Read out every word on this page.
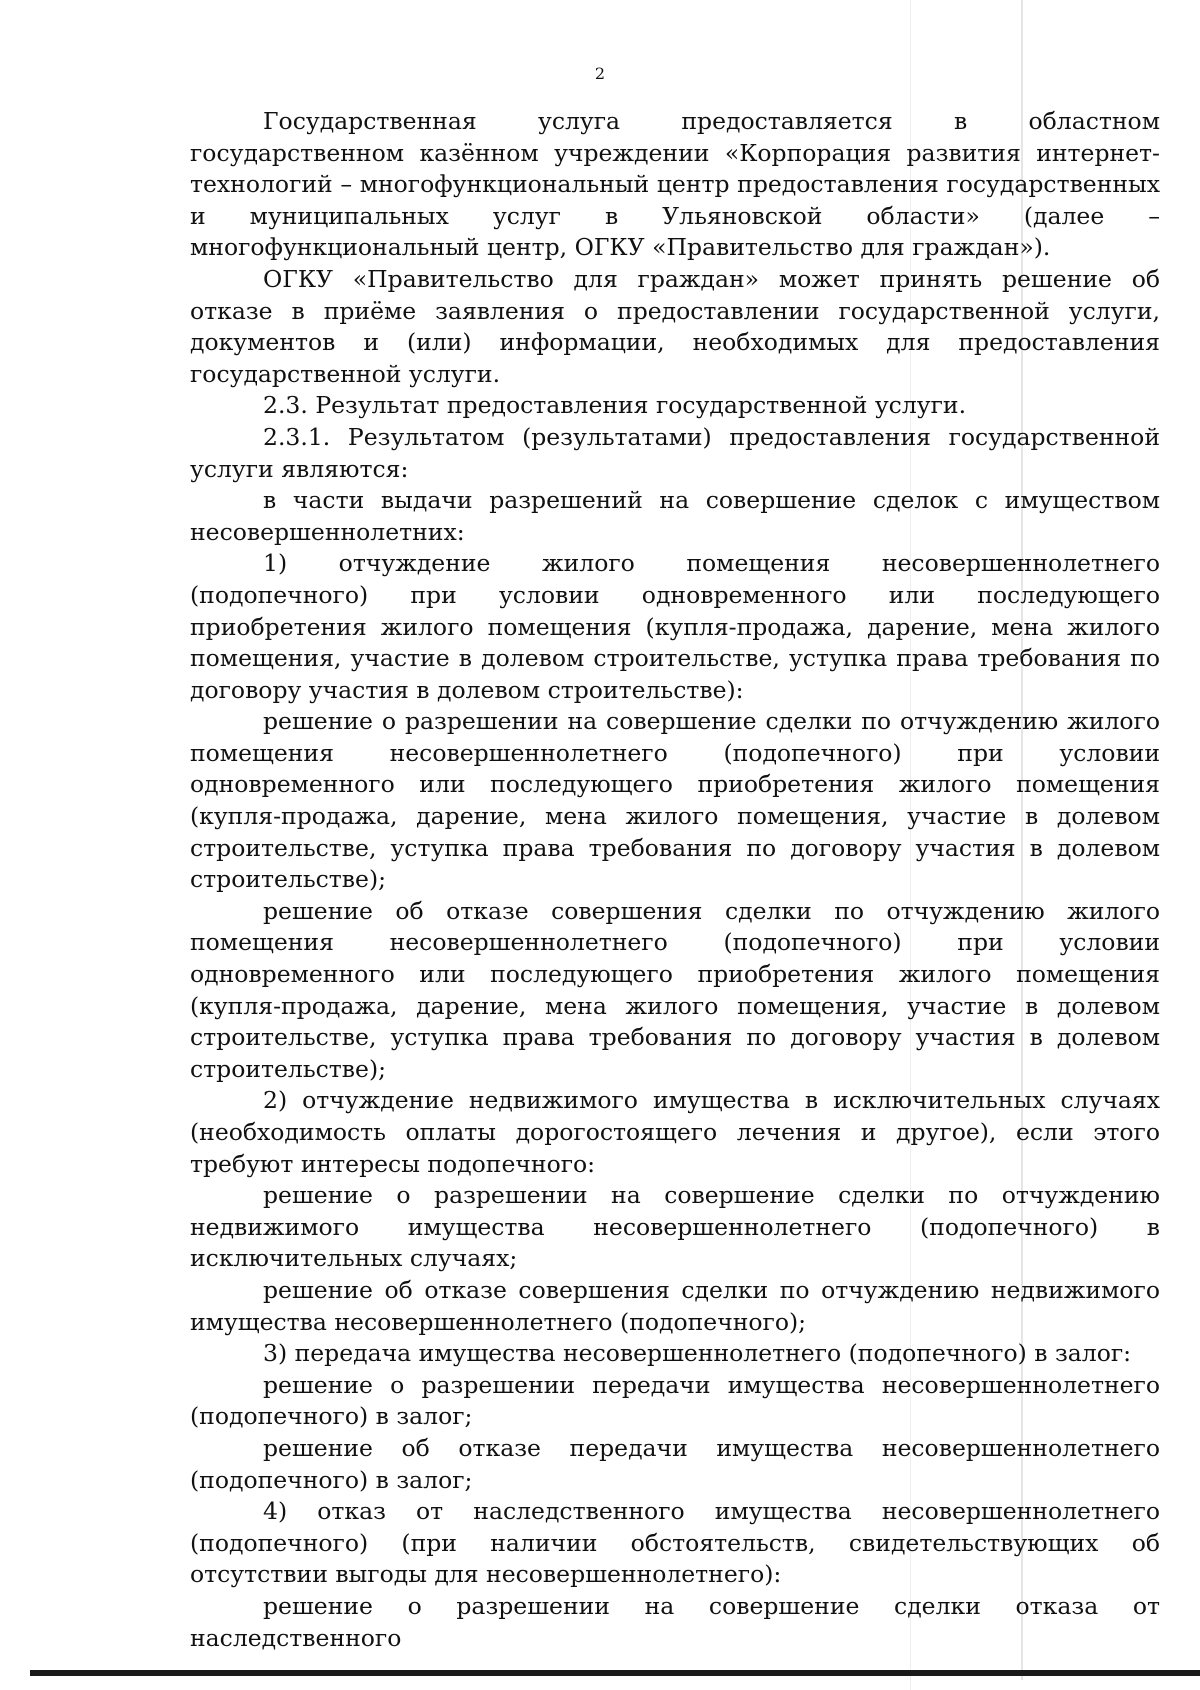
2

Государственная услуга предоставляется в областном государственном казённом учреждении «Корпорация развития интернет-технологий – многофункциональный центр предоставления государственных и муниципальных услуг в Ульяновской области» (далее – многофункциональный центр, ОГКУ «Правительство для граждан»).

ОГКУ «Правительство для граждан» может принять решение об отказе в приёме заявления о предоставлении государственной услуги, документов и (или) информации, необходимых для предоставления государственной услуги.

2.3. Результат предоставления государственной услуги.

2.3.1. Результатом (результатами) предоставления государственной услуги являются:

в части выдачи разрешений на совершение сделок с имуществом несовершеннолетних:

1) отчуждение жилого помещения несовершеннолетнего (подопечного) при условии одновременного или последующего приобретения жилого помещения (купля-продажа, дарение, мена жилого помещения, участие в долевом строительстве, уступка права требования по договору участия в долевом строительстве):

решение о разрешении на совершение сделки по отчуждению жилого помещения несовершеннолетнего (подопечного) при условии одновременного или последующего приобретения жилого помещения (купля-продажа, дарение, мена жилого помещения, участие в долевом строительстве, уступка права требования по договору участия в долевом строительстве);

решение об отказе совершения сделки по отчуждению жилого помещения несовершеннолетнего (подопечного) при условии одновременного или последующего приобретения жилого помещения (купля-продажа, дарение, мена жилого помещения, участие в долевом строительстве, уступка права требования по договору участия в долевом строительстве);

2) отчуждение недвижимого имущества в исключительных случаях (необходимость оплаты дорогостоящего лечения и другое), если этого требуют интересы подопечного:

решение о разрешении на совершение сделки по отчуждению недвижимого имущества несовершеннолетнего (подопечного) в исключительных случаях;

решение об отказе совершения сделки по отчуждению недвижимого имущества несовершеннолетнего (подопечного);

3) передача имущества несовершеннолетнего (подопечного) в залог:

решение о разрешении передачи имущества несовершеннолетнего (подопечного) в залог;

решение об отказе передачи имущества несовершеннолетнего (подопечного) в залог;

4) отказ от наследственного имущества несовершеннолетнего (подопечного) (при наличии обстоятельств, свидетельствующих об отсутствии выгоды для несовершеннолетнего):

решение о разрешении на совершение сделки отказа от наследственного
